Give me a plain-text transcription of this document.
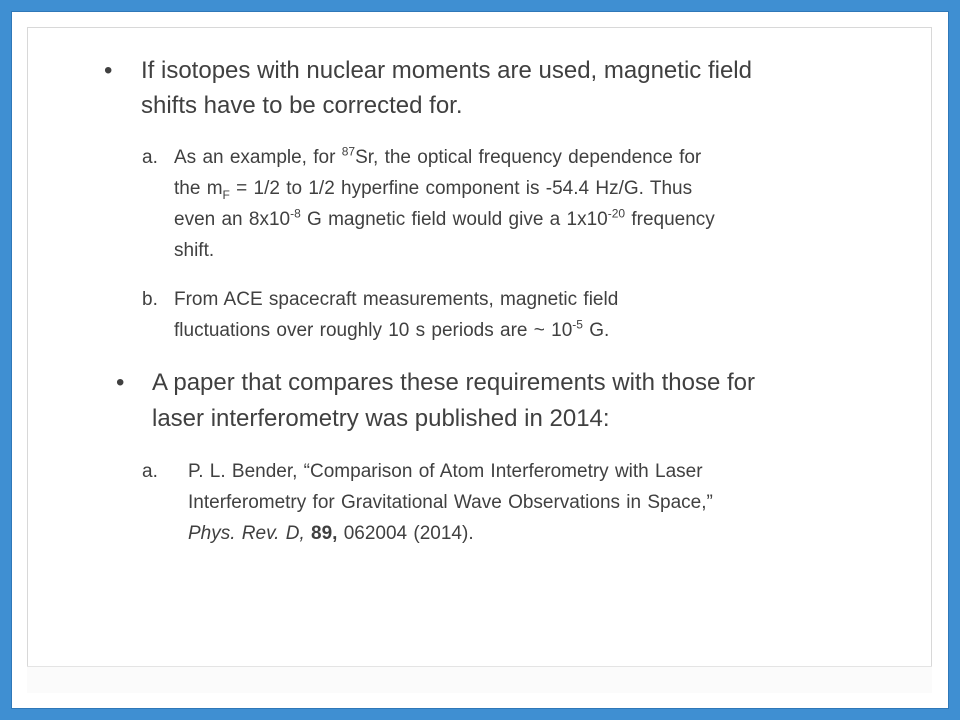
• If isotopes with nuclear moments are used, magnetic field
shifts have to be corrected for.
a. As an example, for $^{87}$Sr, the optical frequency dependence for
the $m_F = 1/2$ to 1/2 hyperfine component is -54.4 Hz/G. Thus
even an $8x10^{-8}$ G magnetic field would give a $1x10^{-20}$ frequency
shift.
b. From ACE spacecraft measurements, magnetic field
fluctuations over roughly 10 s periods are ~ $10^{-5}$ G.
• A paper that compares these requirements with those for
laser interferometry was published in 2014:
a. P. L. Bender, “Comparison of Atom Interferometry with Laser
Interferometry for Gravitational Wave Observations in Space,”
Phys. Rev. D, 89, 062004 (2014).
